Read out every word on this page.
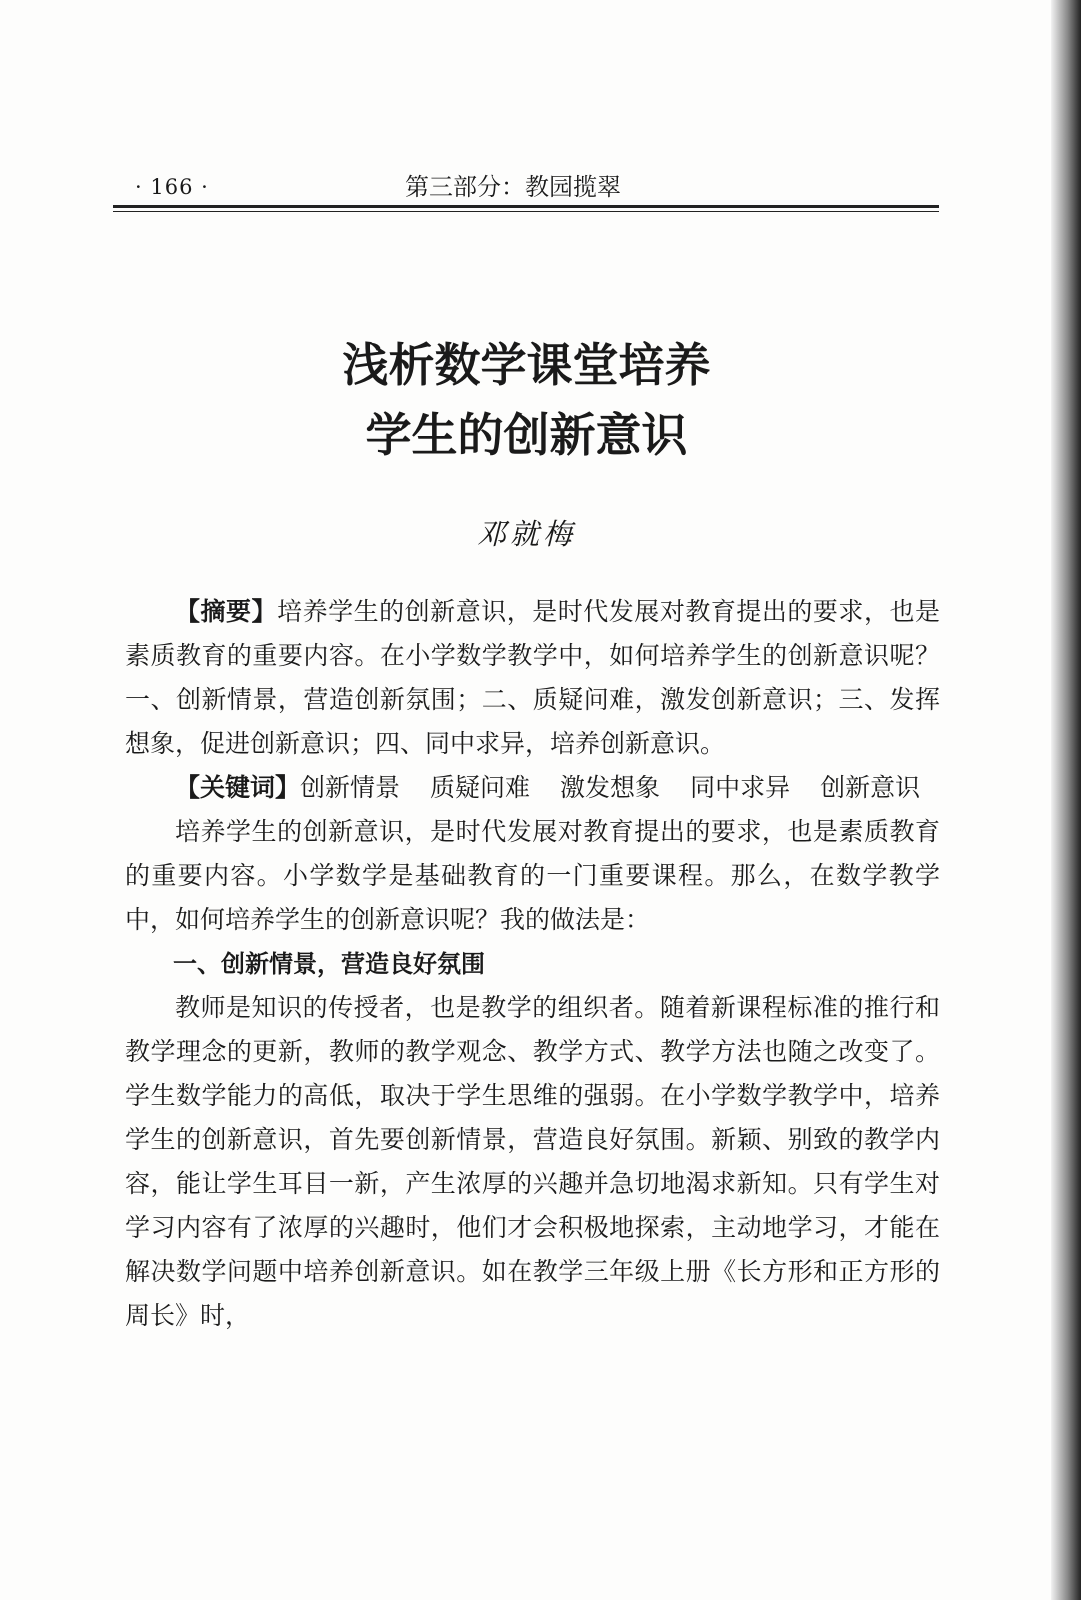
· 166 ·	第三部分：教园揽翠
浅析数学课堂培养
学生的创新意识
邓就梅

【摘要】培养学生的创新意识，是时代发展对教育提出的要求，也是素质教育的重要内容。在小学数学教学中，如何培养学生的创新意识呢？一、创新情景，营造创新氛围；二、质疑问难，激发创新意识；三、发挥想象，促进创新意识；四、同中求异，培养创新意识。

【关键词】创新情景 质疑问难 激发想象 同中求异 创新意识

培养学生的创新意识，是时代发展对教育提出的要求，也是素质教育的重要内容。小学数学是基础教育的一门重要课程。那么，在数学教学中，如何培养学生的创新意识呢？我的做法是：

一、创新情景，营造良好氛围

教师是知识的传授者，也是教学的组织者。随着新课程标准的推行和教学理念的更新，教师的教学观念、教学方式、教学方法也随之改变了。学生数学能力的高低，取决于学生思维的强弱。在小学数学教学中，培养学生的创新意识，首先要创新情景，营造良好氛围。新颖、别致的教学内容，能让学生耳目一新，产生浓厚的兴趣并急切地渴求新知。只有学生对学习内容有了浓厚的兴趣时，他们才会积极地探索，主动地学习，才能在解决数学问题中培养创新意识。如在教学三年级上册《长方形和正方形的周长》时，
